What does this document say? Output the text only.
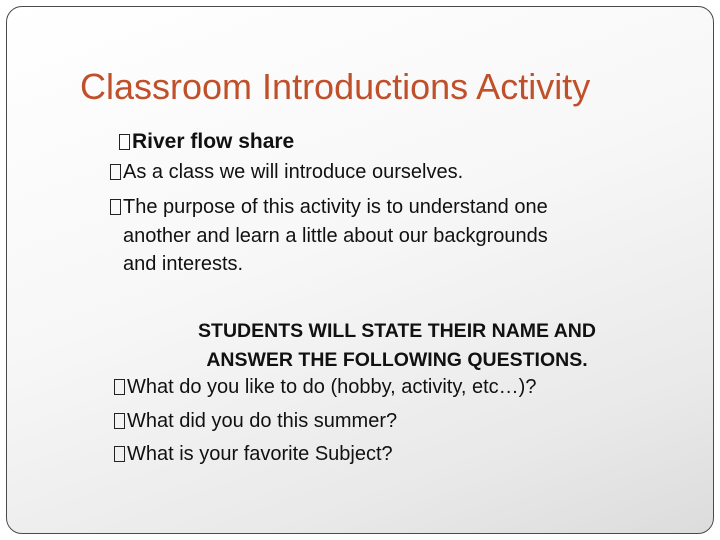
Classroom Introductions Activity
River flow share
As a class we will introduce ourselves.
The purpose of this activity is to understand one
another and learn a little about our backgrounds
and interests.
STUDENTS WILL STATE THEIR NAME AND
ANSWER THE FOLLOWING QUESTIONS.
What do you like to do (hobby, activity, etc…)?
What did you do this summer?
What is your favorite Subject?
